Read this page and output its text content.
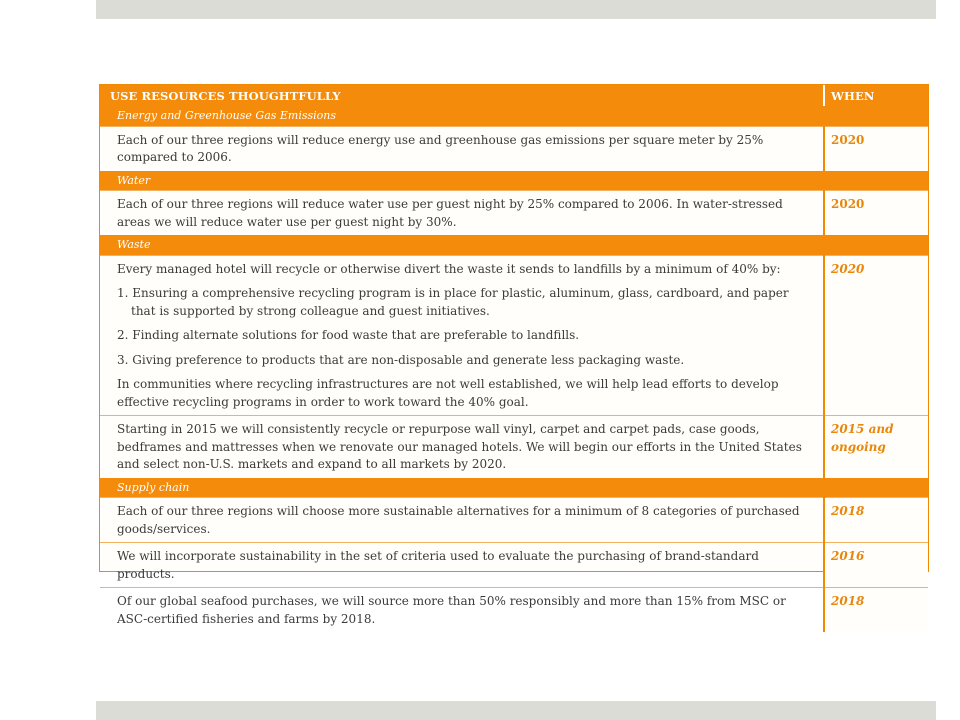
USE RESOURCES THOUGHTFULLY	WHEN
Energy and Greenhouse Gas Emissions	

Each of our three regions will reduce energy use and greenhouse gas emissions per square meter by 25% compared to 2006.	2020
Water	

Each of our three regions will reduce water use per guest night by 25% compared to 2006. In water-stressed areas we will reduce water use per guest night by 30%.	2020
Waste	

Every managed hotel will recycle or otherwise divert the waste it sends to landfills by a minimum of 40% by:
1. Ensuring a comprehensive recycling program is in place for plastic, aluminum, glass, cardboard, and paper that is supported by strong colleague and guest initiatives.
2. Finding alternate solutions for food waste that are preferable to landfills.
3. Giving preference to products that are non-disposable and generate less packaging waste.
In communities where recycling infrastructures are not well established, we will help lead efforts to develop effective recycling programs in order to work toward the 40% goal.	2020

Starting in 2015 we will consistently recycle or repurpose wall vinyl, carpet and carpet pads, case goods, bedframes and mattresses when we renovate our managed hotels. We will begin our efforts in the United States and select non-U.S. markets and expand to all markets by 2020.	2015 and ongoing
Supply chain	

Each of our three regions will choose more sustainable alternatives for a minimum of 8 categories of purchased goods/services.	2018

We will incorporate sustainability in the set of criteria used to evaluate the purchasing of brand-standard products.	2016

Of our global seafood purchases, we will source more than 50% responsibly and more than 15% from MSC or ASC-certified fisheries and farms by 2018.	2018
